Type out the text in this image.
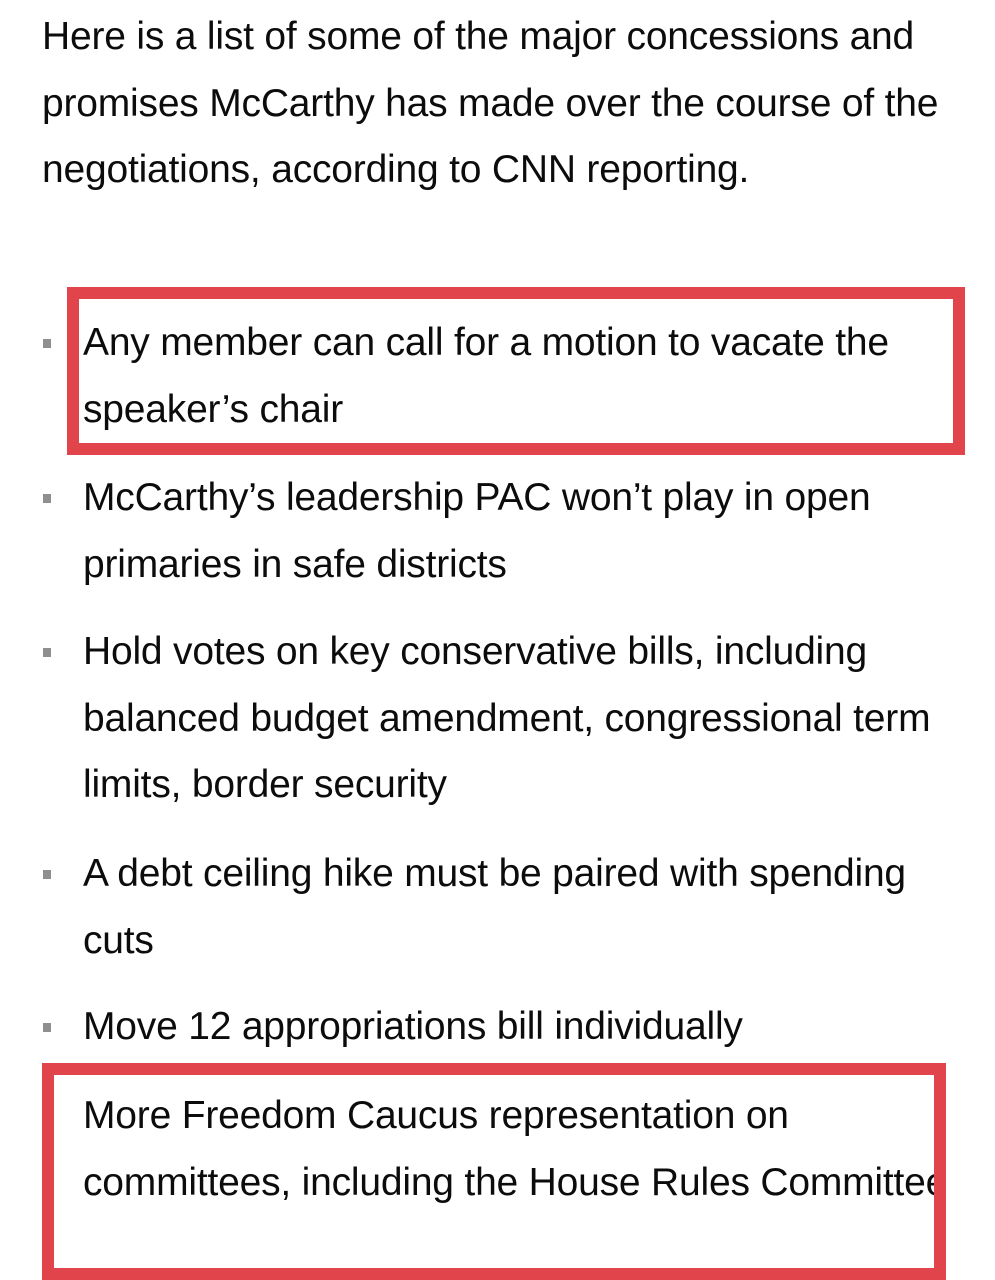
Here is a list of some of the major concessions and promises McCarthy has made over the course of the negotiations, according to CNN reporting.

Any member can call for a motion to vacate the speaker’s chair

McCarthy’s leadership PAC won’t play in open primaries in safe districts

Hold votes on key conservative bills, including balanced budget amendment, congressional term limits, border security

A debt ceiling hike must be paired with spending cuts

Move 12 appropriations bill individually

More Freedom Caucus representation on committees, including the House Rules Committee
